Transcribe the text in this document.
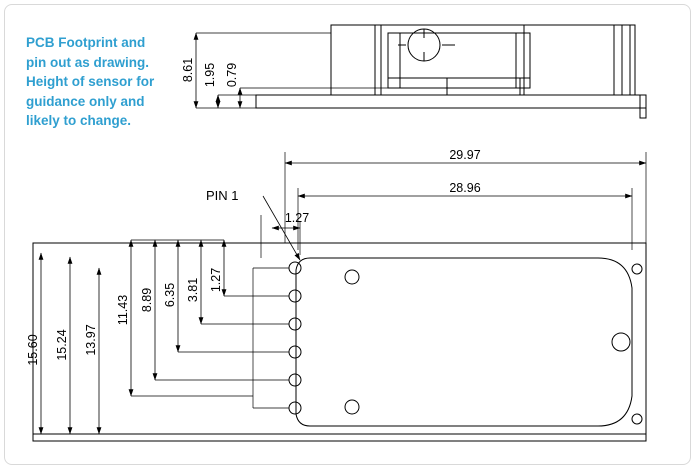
PCB Footprint and pin out as drawing. Height of sensor for guidance only and likely to change.
8.61 1.95 0.79
PIN 1
29.97
28.96
1.27
15.60 15.24 13.97
11.43 8.89 6.35 3.81 1.27
